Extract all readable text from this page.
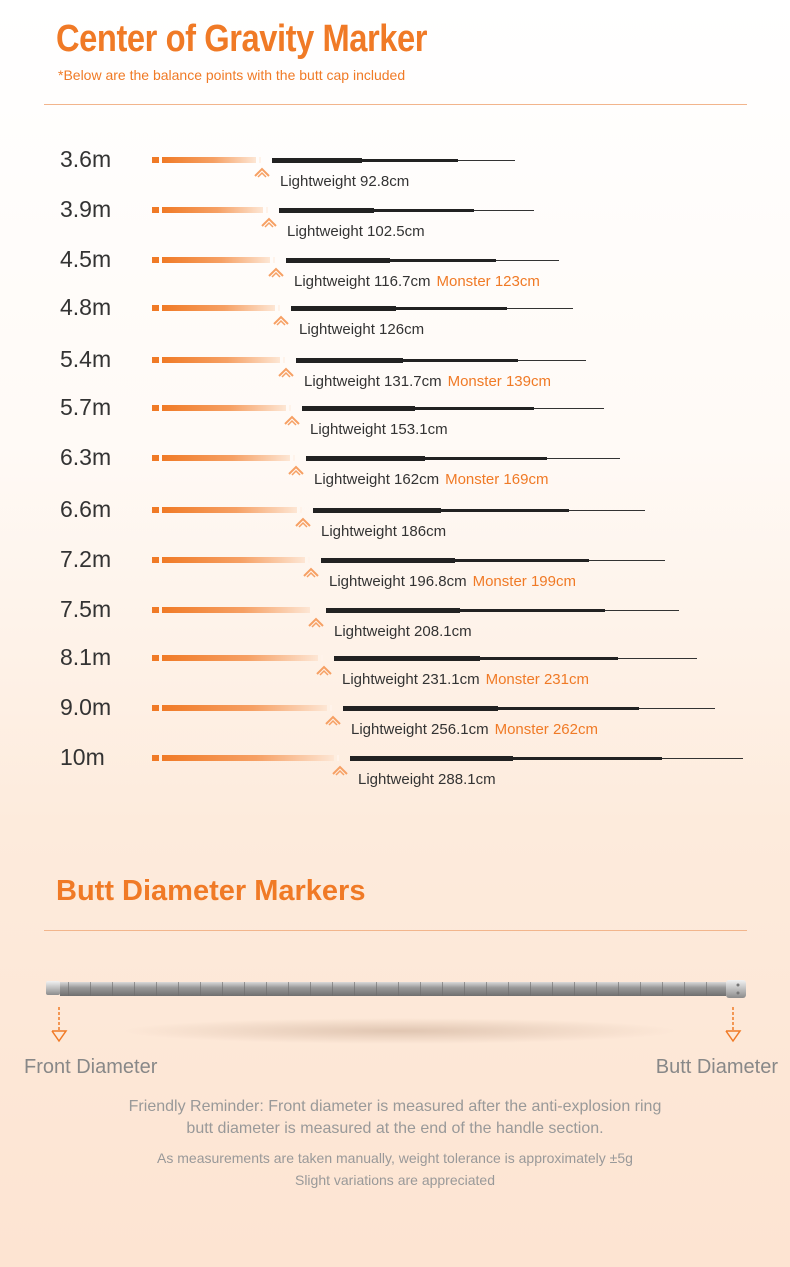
Center of Gravity Marker
*Below are the balance points with the butt cap included
3.6m
Lightweight 92.8cm
3.9m
Lightweight 102.5cm
4.5m
Lightweight 116.7cm Monster 123cm
4.8m
Lightweight 126cm
5.4m
Lightweight 131.7cm Monster 139cm
5.7m
Lightweight 153.1cm
6.3m
Lightweight 162cm Monster 169cm
6.6m
Lightweight 186cm
7.2m
Lightweight 196.8cm Monster 199cm
7.5m
Lightweight 208.1cm
8.1m
Lightweight 231.1cm Monster 231cm
9.0m
Lightweight 256.1cm Monster 262cm
10m
Lightweight 288.1cm
Butt Diameter Markers
Front Diameter	Butt Diameter
Friendly Reminder: Front diameter is measured after the anti-explosion ring
butt diameter is measured at the end of the handle section.
As measurements are taken manually, weight tolerance is approximately ±5g
Slight variations are appreciated
